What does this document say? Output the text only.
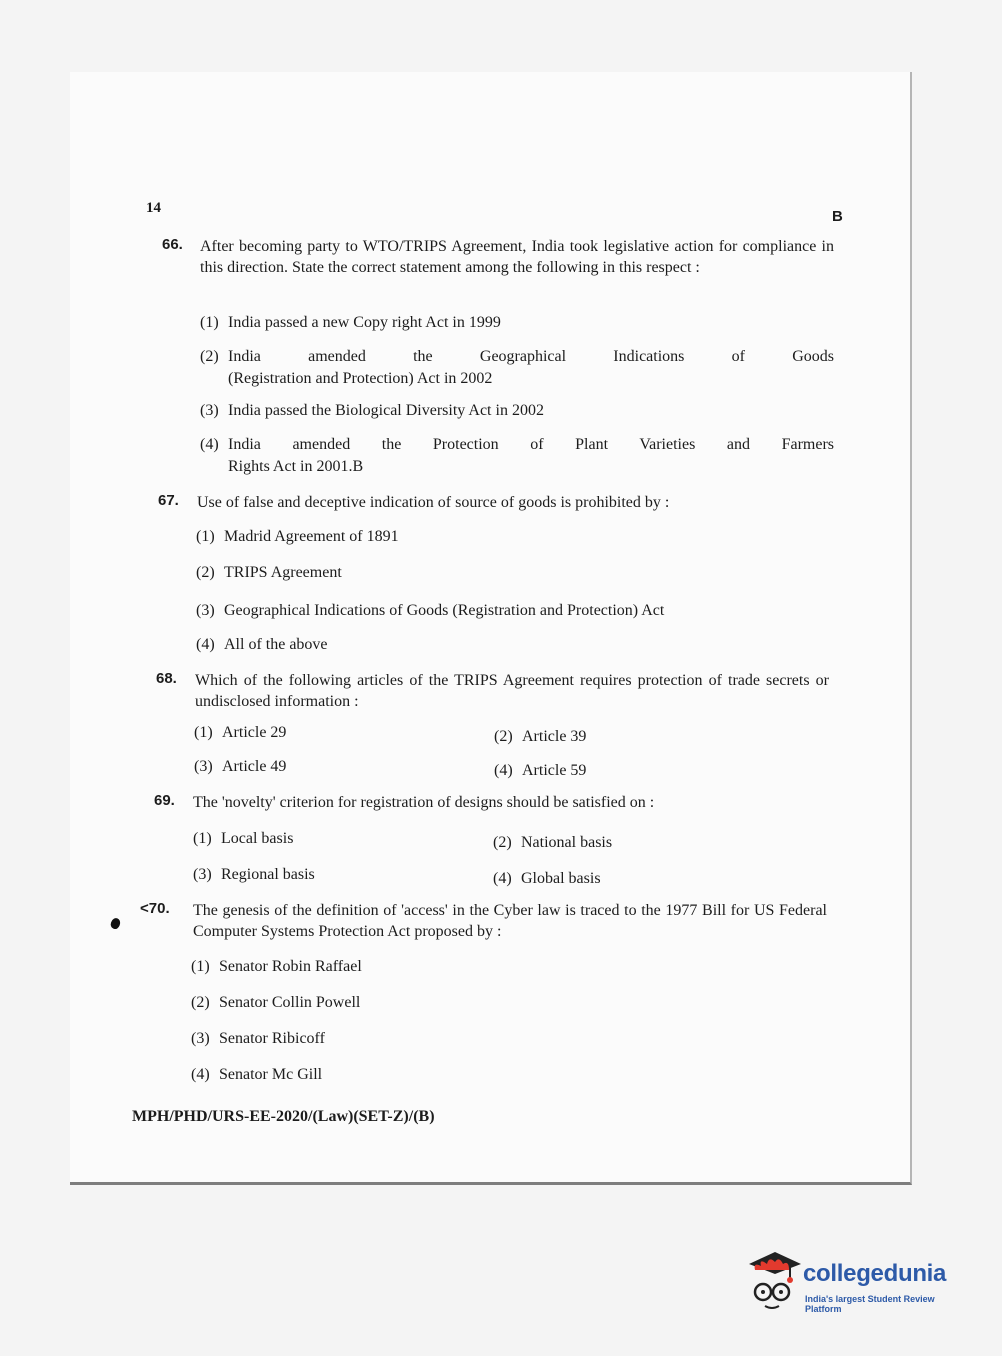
14	B
66. After becoming party to WTO/TRIPS Agreement, India took legislative action for compliance in this direction. State the correct statement among the following in this respect :
(1) India passed a new Copy right Act in 1999
(2) India amended the Geographical Indications of Goods
(Registration and Protection) Act in 2002
(3) India passed the Biological Diversity Act in 2002
(4) India amended the Protection of Plant Varieties and Farmers
Rights Act in 2001.B
67. Use of false and deceptive indication of source of goods is prohibited by :
(1) Madrid Agreement of 1891
(2) TRIPS Agreement
(3) Geographical Indications of Goods (Registration and Protection) Act
(4) All of the above
68. Which of the following articles of the TRIPS Agreement requires protection of trade secrets or undisclosed information :
(1) Article 29	(2) Article 39
(3) Article 49	(4) Article 59
69. The 'novelty' criterion for registration of designs should be satisfied on :
(1) Local basis	(2) National basis
(3) Regional basis	(4) Global basis
<70. The genesis of the definition of 'access' in the Cyber law is traced to the 1977 Bill for US Federal Computer Systems Protection Act proposed by :
(1) Senator Robin Raffael
(2) Senator Collin Powell
(3) Senator Ribicoff
(4) Senator Mc Gill
MPH/PHD/URS-EE-2020/(Law)(SET-Z)/(B)
collegedunia
India's largest Student Review Platform
